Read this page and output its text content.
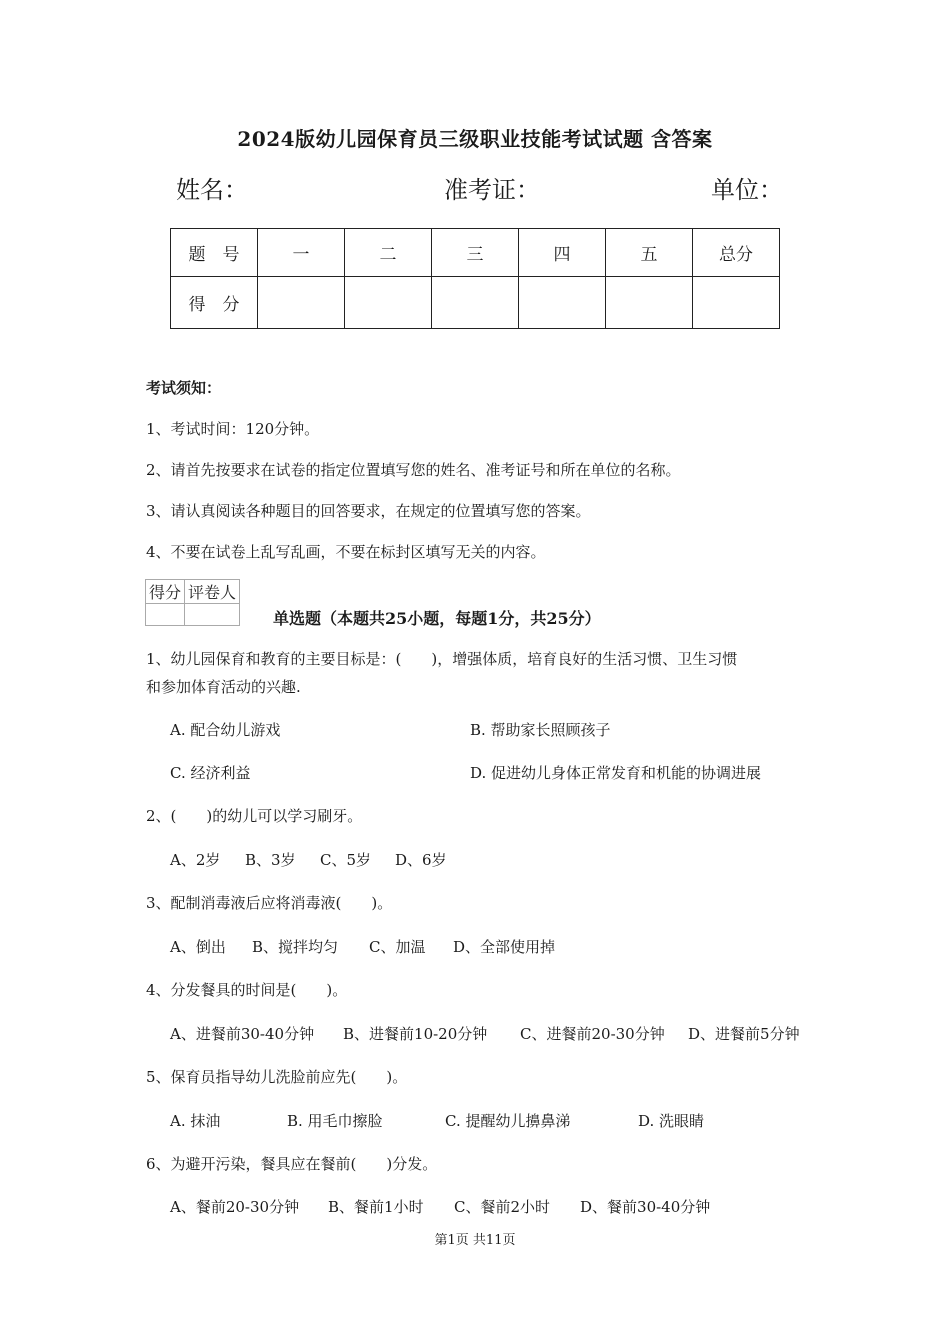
2024版幼儿园保育员三级职业技能考试试题 含答案
姓名：	准考证：	单位：
题　号	一	二	三	四	五	总分
得　分						
考试须知：
1、考试时间：120分钟。
2、请首先按要求在试卷的指定位置填写您的姓名、准考证号和所在单位的名称。
3、请认真阅读各种题目的回答要求，在规定的位置填写您的答案。
4、不要在试卷上乱写乱画，不要在标封区填写无关的内容。
得分	评卷人

单选题（本题共25小题，每题1分，共25分）
1、幼儿园保育和教育的主要目标是：(　　)，增强体质，培育良好的生活习惯、卫生习惯
和参加体育活动的兴趣.
A. 配合幼儿游戏	B. 帮助家长照顾孩子
C. 经济利益	D. 促进幼儿身体正常发育和机能的协调进展
2、(　　)的幼儿可以学习刷牙。
A、2岁 B、3岁 C、5岁 D、6岁
3、配制消毒液后应将消毒液(　　)。
A、倒出 B、搅拌均匀 C、加温 D、全部使用掉
4、分发餐具的时间是(　　)。
A、进餐前30-40分钟 B、进餐前10-20分钟 C、进餐前20-30分钟 D、进餐前5分钟
5、保育员指导幼儿洗脸前应先(　　)。
A. 抹油	B. 用毛巾擦脸	C. 提醒幼儿擤鼻涕	D. 洗眼睛
6、为避开污染，餐具应在餐前(　　)分发。
A、餐前20-30分钟 B、餐前1小时 C、餐前2小时 D、餐前30-40分钟
第1页 共11页
